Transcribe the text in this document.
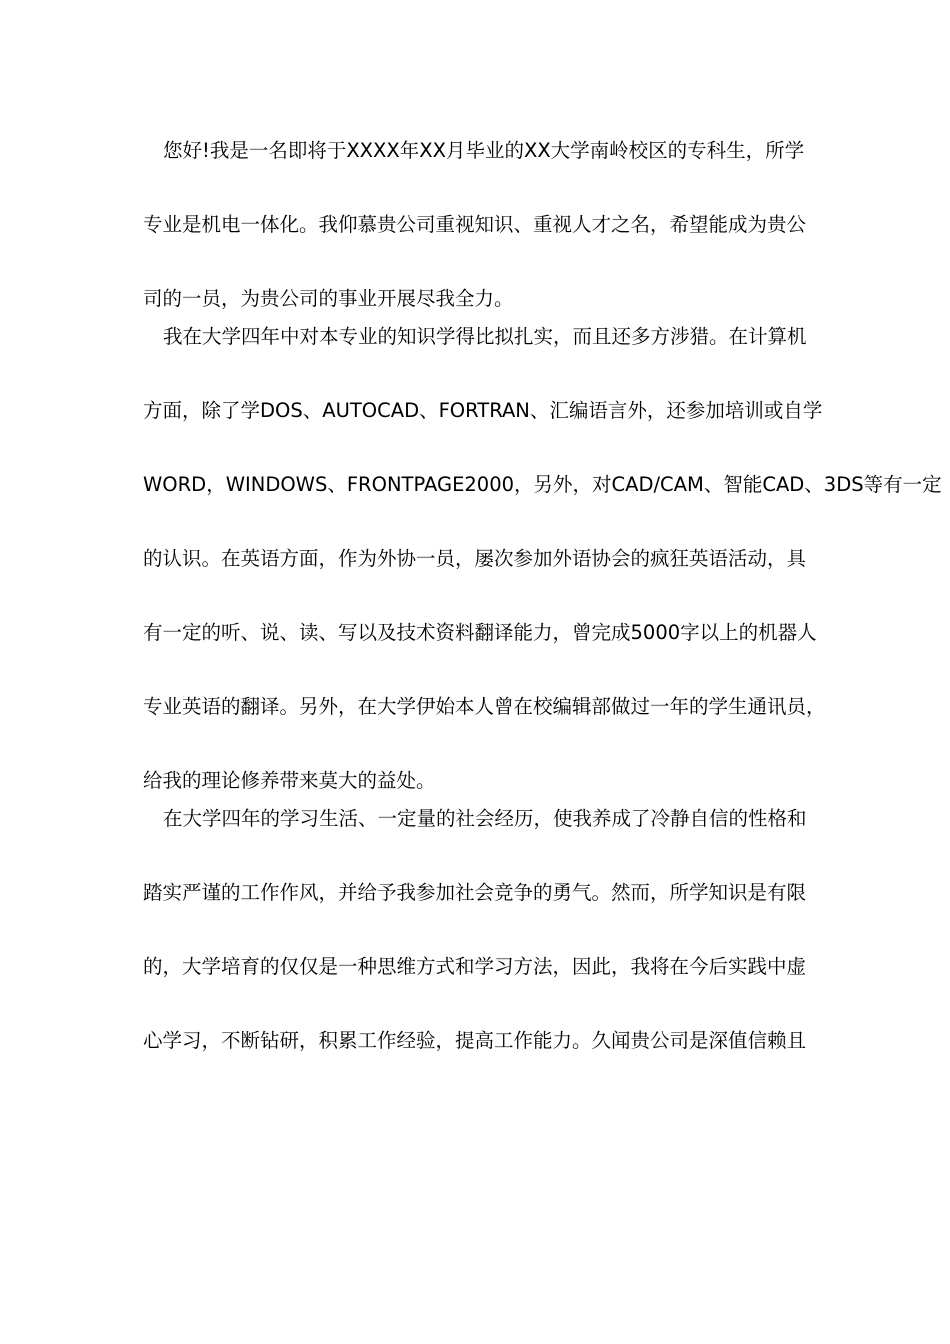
您好!我是一名即将于XXXX年XX月毕业的XX大学南岭校区的专科生，所学
专业是机电一体化。我仰慕贵公司重视知识、重视人才之名，希望能成为贵公
司的一员，为贵公司的事业开展尽我全力。
我在大学四年中对本专业的知识学得比拟扎实，而且还多方涉猎。在计算机
方面，除了学DOS、AUTOCAD、FORTRAN、汇编语言外，还参加培训或自学
WORD，WINDOWS、FRONTPAGE2000，另外，对CAD/CAM、智能CAD、3DS等有一定
的认识。在英语方面，作为外协一员，屡次参加外语协会的疯狂英语活动，具
有一定的听、说、读、写以及技术资料翻译能力，曾完成5000字以上的机器人
专业英语的翻译。另外，在大学伊始本人曾在校编辑部做过一年的学生通讯员，
给我的理论修养带来莫大的益处。
在大学四年的学习生活、一定量的社会经历，使我养成了冷静自信的性格和
踏实严谨的工作作风，并给予我参加社会竞争的勇气。然而，所学知识是有限
的，大学培育的仅仅是一种思维方式和学习方法，因此，我将在今后实践中虚
心学习，不断钻研，积累工作经验，提高工作能力。久闻贵公司是深值信赖且
